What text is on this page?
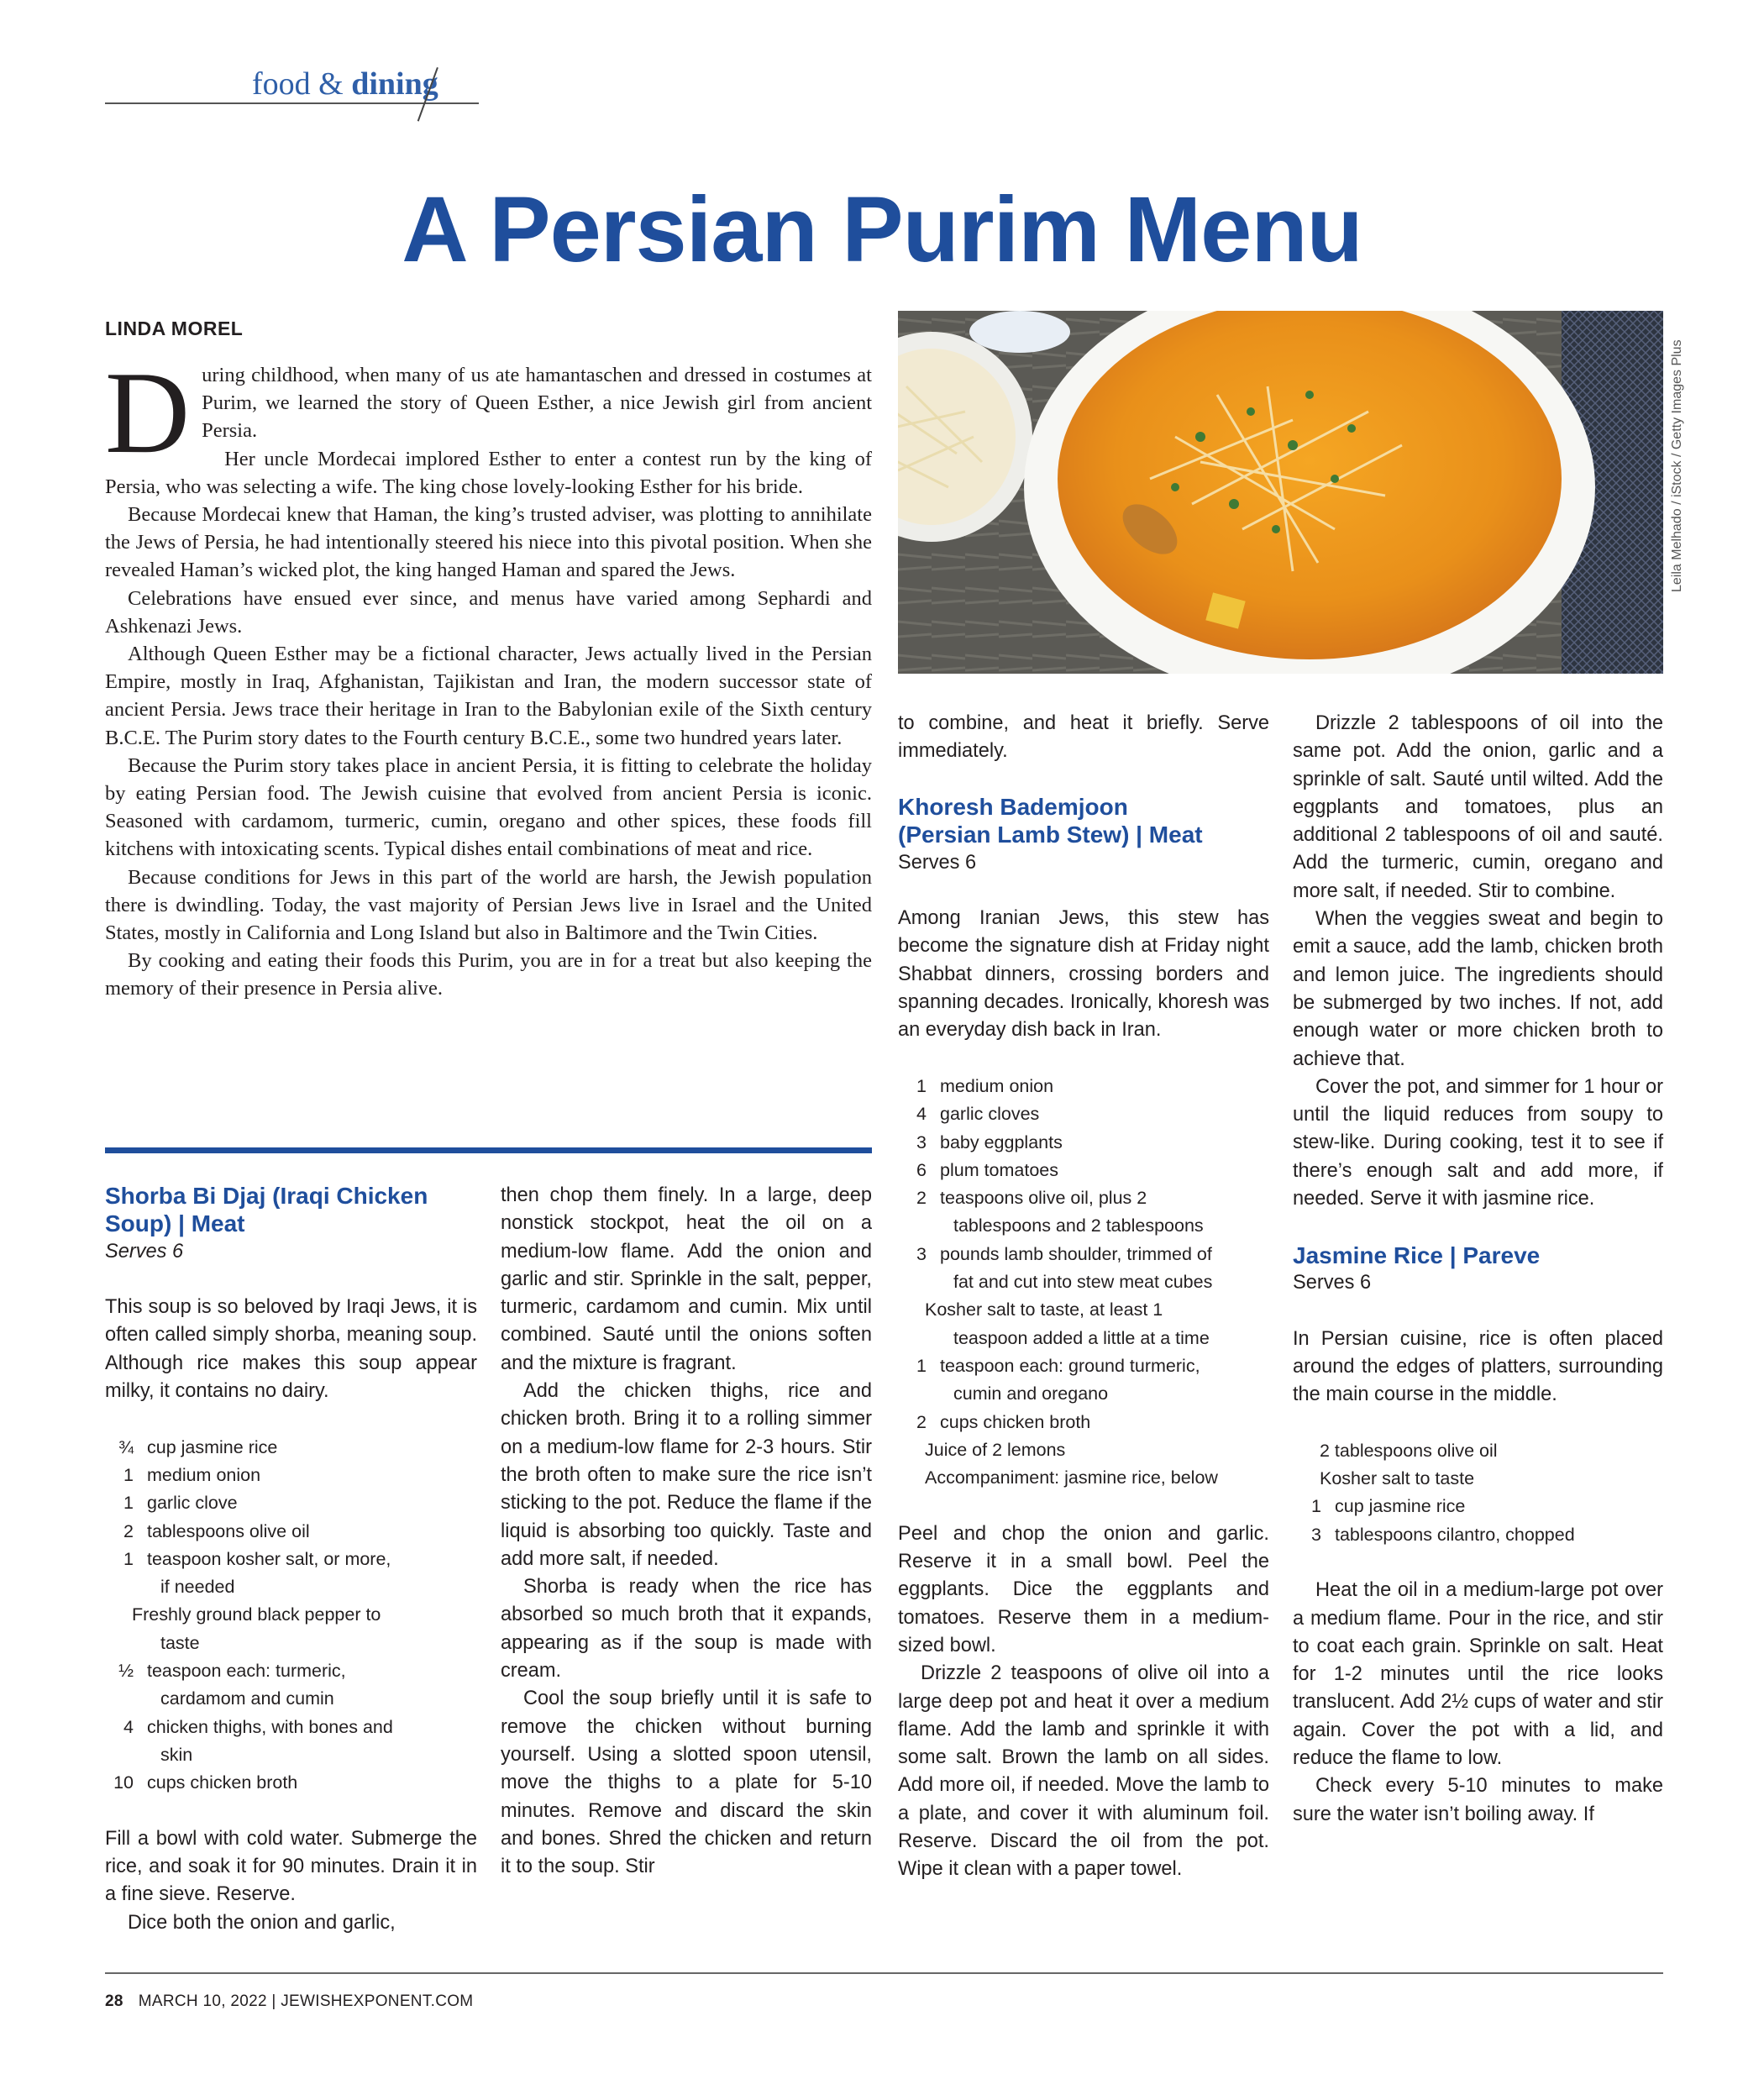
food & dining
A Persian Purim Menu
LINDA MOREL

During childhood, when many of us ate hamantaschen and dressed in costumes at Purim, we learned the story of Queen Esther, a nice Jewish girl from ancient Persia.

Her uncle Mordecai implored Esther to enter a contest run by the king of Persia, who was selecting a wife. The king chose lovely-looking Esther for his bride.

Because Mordecai knew that Haman, the king’s trusted adviser, was plotting to annihilate the Jews of Persia, he had intentionally steered his niece into this pivotal position. When she revealed Haman’s wicked plot, the king hanged Haman and spared the Jews.

Celebrations have ensued ever since, and menus have varied among Sephardi and Ashkenazi Jews.

Although Queen Esther may be a fictional character, Jews actually lived in the Persian Empire, mostly in Iraq, Afghanistan, Tajikistan and Iran, the modern successor state of ancient Persia. Jews trace their heritage in Iran to the Babylonian exile of the Sixth century B.C.E. The Purim story dates to the Fourth century B.C.E., some two hundred years later.

Because the Purim story takes place in ancient Persia, it is fitting to celebrate the holiday by eating Persian food. The Jewish cuisine that evolved from ancient Persia is iconic. Seasoned with cardamom, turmeric, cumin, oregano and other spices, these foods fill kitchens with intoxicating scents. Typical dishes entail combinations of meat and rice.

Because conditions for Jews in this part of the world are harsh, the Jewish population there is dwindling. Today, the vast majority of Persian Jews live in Israel and the United States, mostly in California and Long Island but also in Baltimore and the Twin Cities.

By cooking and eating their foods this Purim, you are in for a treat but also keeping the memory of their presence in Persia alive.

Leila Melhado / iStock / Getty Images Plus
Shorba Bi Djaj (Iraqi Chicken
Soup) | Meat
Serves 6

This soup is so beloved by Iraqi Jews, it is often called simply shorba, meaning soup. Although rice makes this soup appear milky, it contains no dairy.

¾ cup jasmine rice
1 medium onion
1 garlic clove
2 tablespoons olive oil
1 teaspoon kosher salt, or more,
if needed
Freshly ground black pepper to
taste
½ teaspoon each: turmeric,
cardamom and cumin
4 chicken thighs, with bones and
skin
10 cups chicken broth

Fill a bowl with cold water. Submerge the rice, and soak it for 90 minutes. Drain it in a fine sieve. Reserve.

Dice both the onion and garlic,

then chop them finely. In a large, deep nonstick stockpot, heat the oil on a medium-low flame. Add the onion and garlic and stir. Sprinkle in the salt, pepper, turmeric, cardamom and cumin. Mix until combined. Sauté until the onions soften and the mixture is fragrant.

Add the chicken thighs, rice and chicken broth. Bring it to a rolling simmer on a medium-low flame for 2-3 hours. Stir the broth often to make sure the rice isn’t sticking to the pot. Reduce the flame if the liquid is absorbing too quickly. Taste and add more salt, if needed.

Shorba is ready when the rice has absorbed so much broth that it expands, appearing as if the soup is made with cream.

Cool the soup briefly until it is safe to remove the chicken without burning yourself. Using a slotted spoon utensil, move the thighs to a plate for 5-10 minutes. Remove and discard the skin and bones. Shred the chicken and return it to the soup. Stir

Khoresh Bademjoon
(Persian Lamb Stew) | Meat
Serves 6

Among Iranian Jews, this stew has become the signature dish at Friday night Shabbat dinners, crossing borders and spanning decades. Ironically, khoresh was an everyday dish back in Iran.

1 medium onion
4 garlic cloves
3 baby eggplants
6 plum tomatoes
2 teaspoons olive oil, plus 2
tablespoons and 2 tablespoons
3 pounds lamb shoulder, trimmed of
fat and cut into stew meat cubes
Kosher salt to taste, at least 1
teaspoon added a little at a time
1 teaspoon each: ground turmeric,
cumin and oregano
2 cups chicken broth
Juice of 2 lemons
Accompaniment: jasmine rice, below

Peel and chop the onion and garlic. Reserve it in a small bowl. Peel the eggplants. Dice the eggplants and tomatoes. Reserve them in a medium-sized bowl.

Drizzle 2 teaspoons of olive oil into a large deep pot and heat it over a medium flame. Add the lamb and sprinkle it with some salt. Brown the lamb on all sides. Add more oil, if needed. Move the lamb to a plate, and cover it with aluminum foil. Reserve. Discard the oil from the pot. Wipe it clean with a paper towel.

to combine, and heat it briefly. Serve immediately.

Drizzle 2 tablespoons of oil into the same pot. Add the onion, garlic and a sprinkle of salt. Sauté until wilted. Add the eggplants and tomatoes, plus an additional 2 tablespoons of oil and sauté. Add the turmeric, cumin, oregano and more salt, if needed. Stir to combine.

When the veggies sweat and begin to emit a sauce, add the lamb, chicken broth and lemon juice. The ingredients should be submerged by two inches. If not, add enough water or more chicken broth to achieve that.

Cover the pot, and simmer for 1 hour or until the liquid reduces from soupy to stew-like. During cooking, test it to see if there’s enough salt and add more, if needed. Serve it with jasmine rice.

Jasmine Rice | Pareve
Serves 6

In Persian cuisine, rice is often placed around the edges of platters, surrounding the main course in the middle.

2 tablespoons olive oil
Kosher salt to taste
1 cup jasmine rice
3 tablespoons cilantro, chopped

Heat the oil in a medium-large pot over a medium flame. Pour in the rice, and stir to coat each grain. Sprinkle on salt. Heat for 1-2 minutes until the rice looks translucent. Add 2½ cups of water and stir again. Cover the pot with a lid, and reduce the flame to low.

Check every 5-10 minutes to make sure the water isn’t boiling away. If

28 MARCH 10, 2022 | JEWISHEXPONENT.COM
